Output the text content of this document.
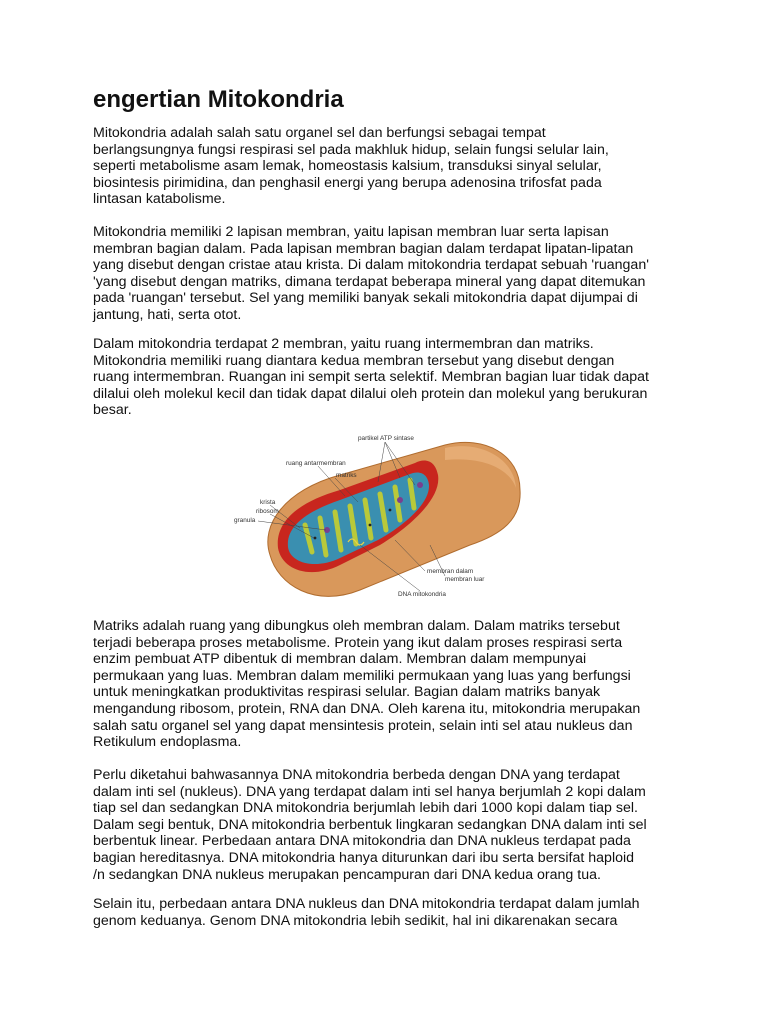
engertian Mitokondria

Mitokondria adalah salah satu organel sel dan berfungsi sebagai tempat
berlangsungnya fungsi respirasi sel pada makhluk hidup, selain fungsi selular lain,
seperti metabolisme asam lemak, homeostasis kalsium, transduksi sinyal selular,
biosintesis pirimidina, dan penghasil energi yang berupa adenosina trifosfat pada
lintasan katabolisme.

Mitokondria memiliki 2 lapisan membran, yaitu lapisan membran luar serta lapisan
membran bagian dalam. Pada lapisan membran bagian dalam terdapat lipatan-lipatan
yang disebut dengan cristae atau krista. Di dalam mitokondria terdapat sebuah 'ruangan'
'yang disebut dengan matriks, dimana terdapat beberapa mineral yang dapat ditemukan
pada 'ruangan' tersebut. Sel yang memiliki banyak sekali mitokondria dapat dijumpai di
jantung, hati, serta otot.

Dalam mitokondria terdapat 2 membran, yaitu ruang intermembran dan matriks.
Mitokondria memiliki ruang diantara kedua membran tersebut yang disebut dengan
ruang intermembran. Ruangan ini sempit serta selektif. Membran bagian luar tidak dapat
dilalui oleh molekul kecil dan tidak dapat dilalui oleh protein dan molekul yang berukuran
besar.

partikel ATP sintase
ruang antarmembran
matriks
krista
ribosom
granula
membran dalam
membran luar
DNA mitokondria

Matriks adalah ruang yang dibungkus oleh membran dalam. Dalam matriks tersebut
terjadi beberapa proses metabolisme. Protein yang ikut dalam proses respirasi serta
enzim pembuat ATP dibentuk di membran dalam. Membran dalam mempunyai
permukaan yang luas. Membran dalam memiliki permukaan yang luas yang berfungsi
untuk meningkatkan produktivitas respirasi selular. Bagian dalam matriks banyak
mengandung ribosom, protein, RNA dan DNA. Oleh karena itu, mitokondria merupakan
salah satu organel sel yang dapat mensintesis protein, selain inti sel atau nukleus dan
Retikulum endoplasma.

Perlu diketahui bahwasannya DNA mitokondria berbeda dengan DNA yang terdapat
dalam inti sel (nukleus). DNA yang terdapat dalam inti sel hanya berjumlah 2 kopi dalam
tiap sel dan sedangkan DNA mitokondria berjumlah lebih dari 1000 kopi dalam tiap sel.
Dalam segi bentuk, DNA mitokondria berbentuk lingkaran sedangkan DNA dalam inti sel
berbentuk linear. Perbedaan antara DNA mitokondria dan DNA nukleus terdapat pada
bagian hereditasnya. DNA mitokondria hanya diturunkan dari ibu serta bersifat haploid
/n sedangkan DNA nukleus merupakan pencampuran dari DNA kedua orang tua.

Selain itu, perbedaan antara DNA nukleus dan DNA mitokondria terdapat dalam jumlah
genom keduanya. Genom DNA mitokondria lebih sedikit, hal ini dikarenakan secara
